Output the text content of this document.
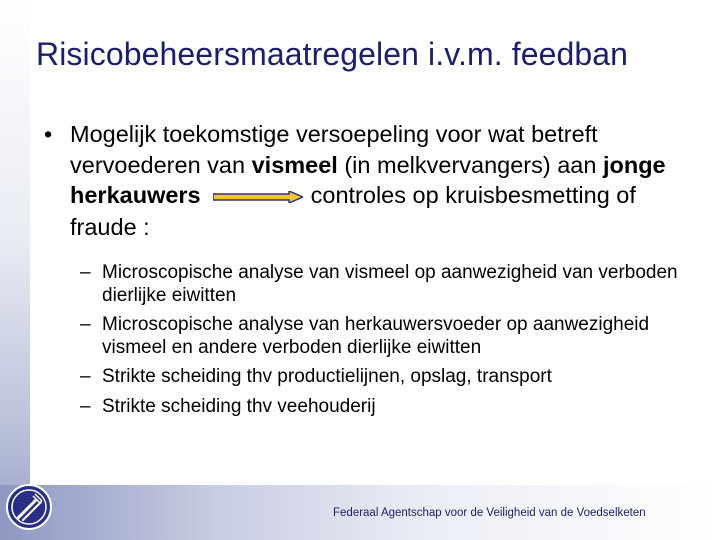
Risicobeheersmaatregelen i.v.m. feedban
• Mogelijk toekomstige versoepeling voor wat betreft vervoederen van vismeel (in melkvervangers) aan jonge herkauwers	controles op kruisbesmetting of fraude :
– Microscopische analyse van vismeel op aanwezigheid van verboden dierlijke eiwitten
– Microscopische analyse van herkauwersvoeder op aanwezigheid vismeel en andere verboden dierlijke eiwitten
– Strikte scheiding thv productielijnen, opslag, transport
– Strikte scheiding thv veehouderij
Federaal Agentschap voor de Veiligheid van de Voedselketen
